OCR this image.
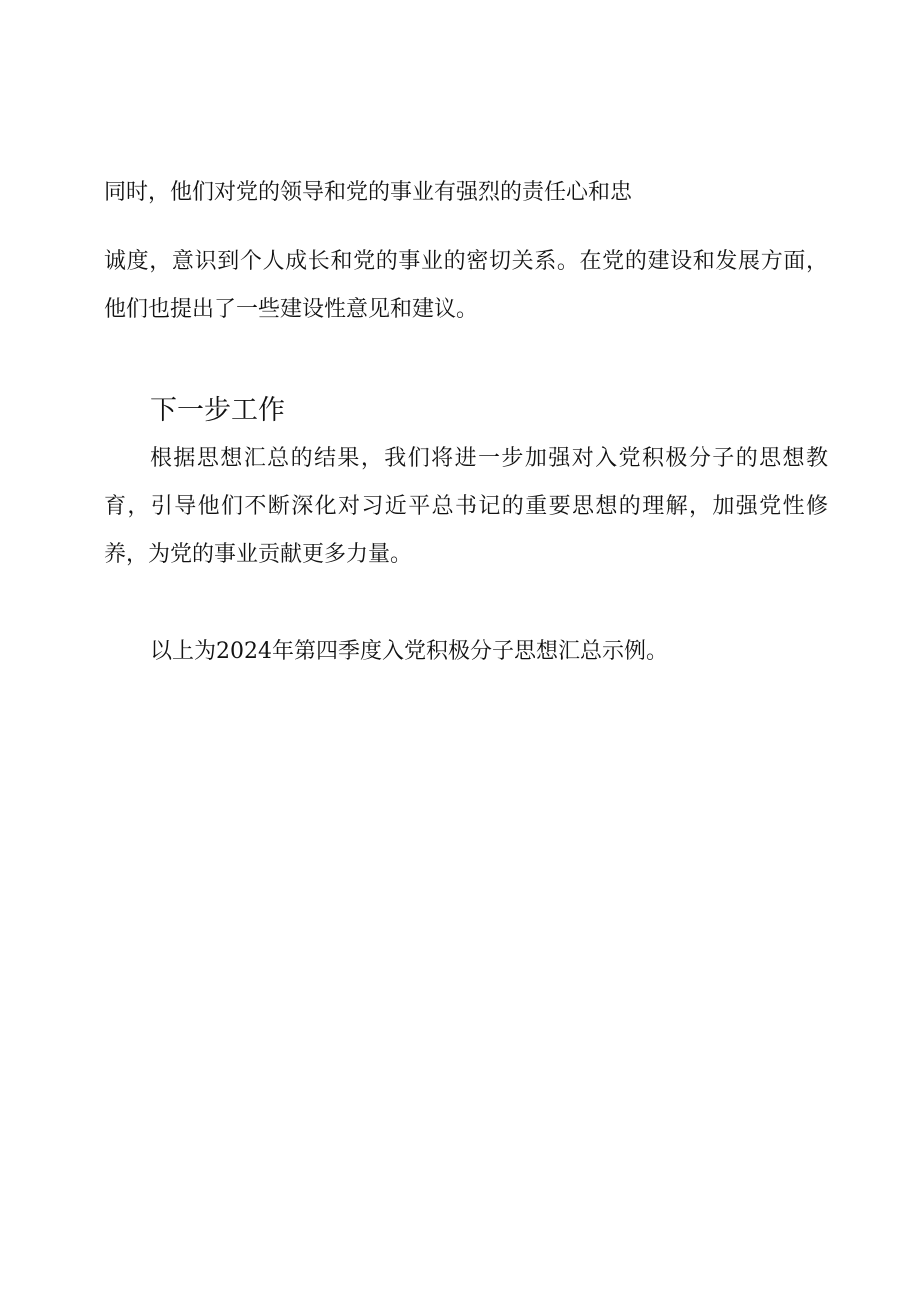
同时，他们对党的领导和党的事业有强烈的责任心和忠
诚度，意识到个人成长和党的事业的密切关系。在党的建设和发展方面，
他们也提出了一些建设性意见和建议。
下一步工作
根据思想汇总的结果，我们将进一步加强对入党积极分子的思想教
育，引导他们不断深化对习近平总书记的重要思想的理解，加强党性修
养，为党的事业贡献更多力量。
以上为2024年第四季度入党积极分子思想汇总示例。
